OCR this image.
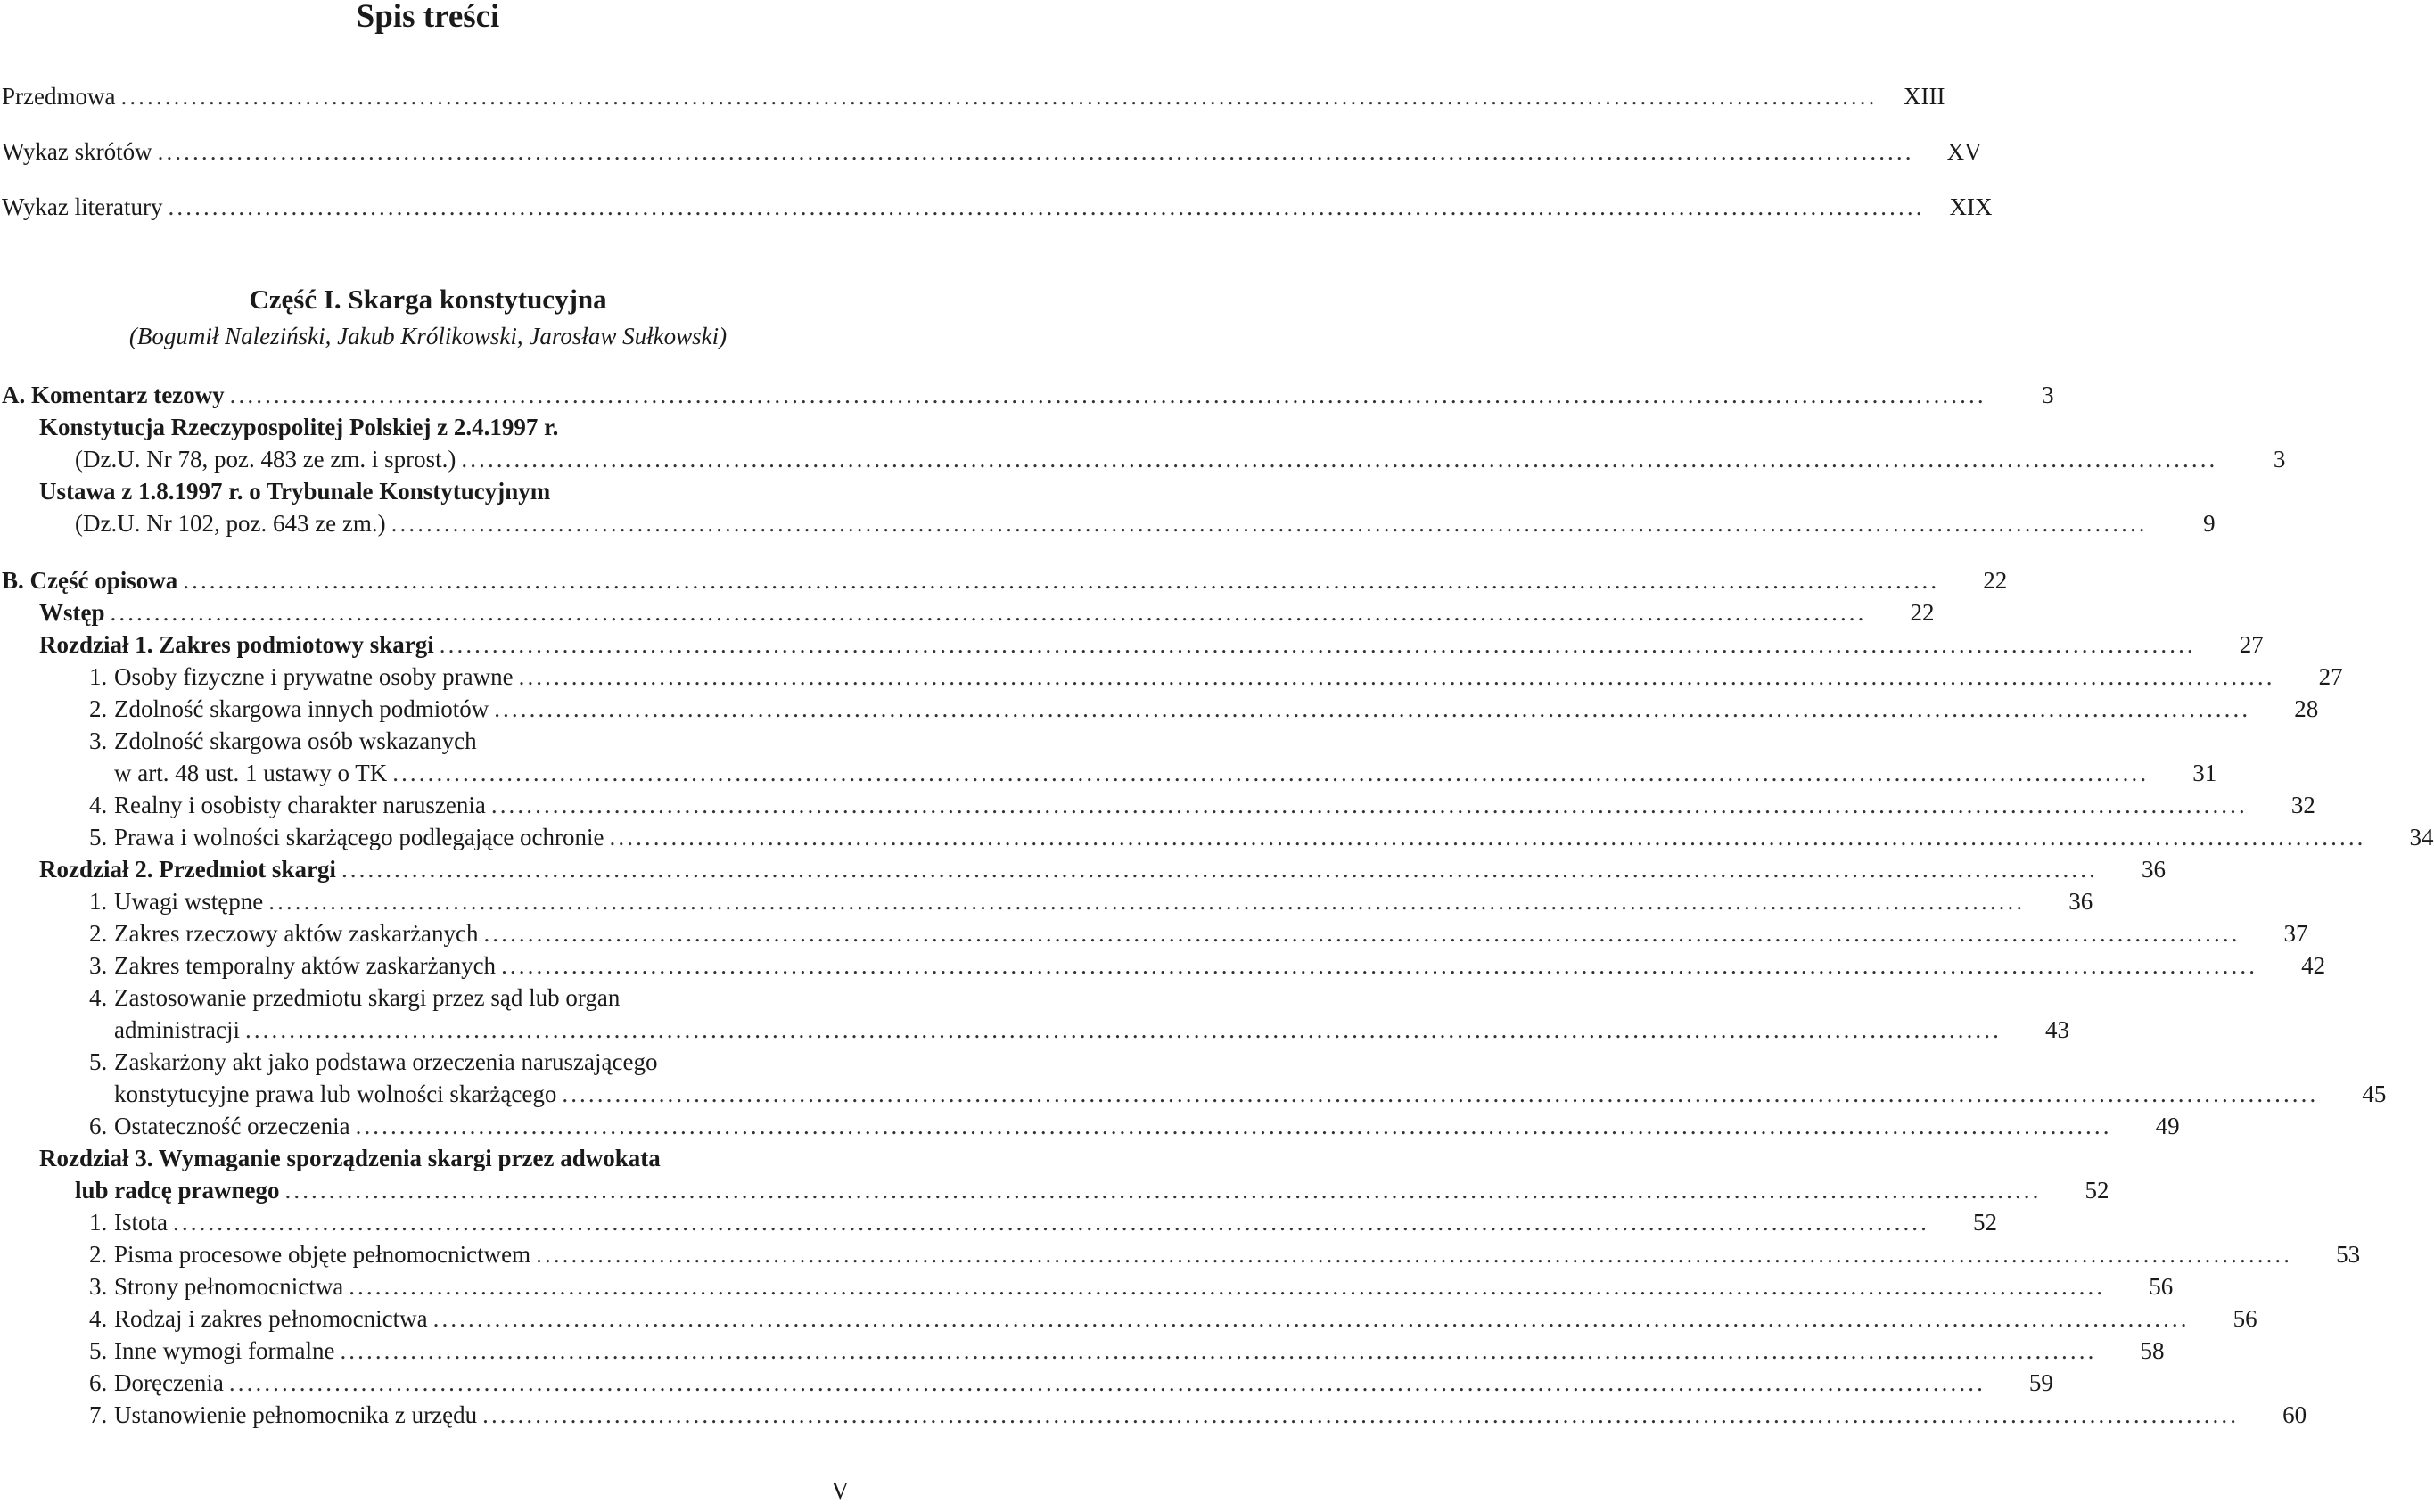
Spis treści
Przedmowa ........................................................................................................................................................................................................	XIII
Wykaz skrótów ........................................................................................................................................................................................................	XV
Wykaz literatury ........................................................................................................................................................................................................	XIX
Część I. Skarga konstytucyjna
(Bogumił Naleziński, Jakub Królikowski, Jarosław Sułkowski)
A. Komentarz tezowy ........................................................................................................................................................................................................	3
Konstytucja Rzeczypospolitej Polskiej z 2.4.1997 r.
(Dz.U. Nr 78, poz. 483 ze zm. i sprost.) ........................................................................................................................................................................................................	3
Ustawa z 1.8.1997 r. o Trybunale Konstytucyjnym
(Dz.U. Nr 102, poz. 643 ze zm.) ........................................................................................................................................................................................................	9
B. Część opisowa ........................................................................................................................................................................................................	22
Wstęp ........................................................................................................................................................................................................	22
Rozdział 1. Zakres podmiotowy skargi ........................................................................................................................................................................................................	27
1. Osoby fizyczne i prywatne osoby prawne ........................................................................................................................................................................................................	27
2. Zdolność skargowa innych podmiotów ........................................................................................................................................................................................................	28
3. Zdolność skargowa osób wskazanych
w art. 48 ust. 1 ustawy o TK ........................................................................................................................................................................................................	31
4. Realny i osobisty charakter naruszenia ........................................................................................................................................................................................................	32
5. Prawa i wolności skarżącego podlegające ochronie ........................................................................................................................................................................................................	34
Rozdział 2. Przedmiot skargi ........................................................................................................................................................................................................	36
1. Uwagi wstępne ........................................................................................................................................................................................................	36
2. Zakres rzeczowy aktów zaskarżanych ........................................................................................................................................................................................................	37
3. Zakres temporalny aktów zaskarżanych ........................................................................................................................................................................................................	42
4. Zastosowanie przedmiotu skargi przez sąd lub organ
administracji ........................................................................................................................................................................................................	43
5. Zaskarżony akt jako podstawa orzeczenia naruszającego
konstytucyjne prawa lub wolności skarżącego ........................................................................................................................................................................................................	45
6. Ostateczność orzeczenia ........................................................................................................................................................................................................	49
Rozdział 3. Wymaganie sporządzenia skargi przez adwokata
lub radcę prawnego ........................................................................................................................................................................................................	52
1. Istota ........................................................................................................................................................................................................	52
2. Pisma procesowe objęte pełnomocnictwem ........................................................................................................................................................................................................	53
3. Strony pełnomocnictwa ........................................................................................................................................................................................................	56
4. Rodzaj i zakres pełnomocnictwa ........................................................................................................................................................................................................	56
5. Inne wymogi formalne ........................................................................................................................................................................................................	58
6. Doręczenia ........................................................................................................................................................................................................	59
7. Ustanowienie pełnomocnika z urzędu ........................................................................................................................................................................................................	60
V
